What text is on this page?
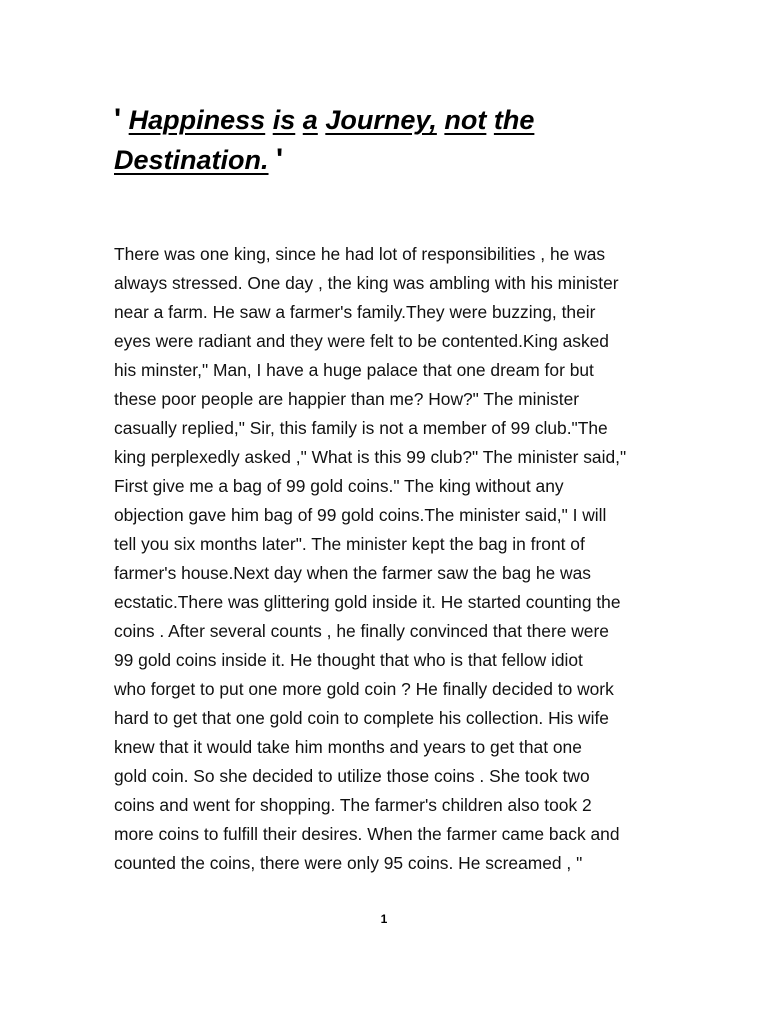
' Happiness is a Journey, not the
Destination. '

There was one king, since he had lot of responsibilities , he was
always stressed. One day , the king was ambling with his minister
near a farm. He saw a farmer's family.They were buzzing, their
eyes were radiant and they were felt to be contented.King asked
his minster," Man, I have a huge palace that one dream for but
these poor people are happier than me? How?" The minister
casually replied," Sir, this family is not a member of 99 club."The
king perplexedly asked ," What is this 99 club?" The minister said,"
First give me a bag of 99 gold coins." The king without any
objection gave him bag of 99 gold coins.The minister said," I will
tell you six months later". The minister kept the bag in front of
farmer's house.Next day when the farmer saw the bag he was
ecstatic.There was glittering gold inside it. He started counting the
coins . After several counts , he finally convinced that there were
99 gold coins inside it. He thought that who is that fellow idiot
who forget to put one more gold coin ? He finally decided to work
hard to get that one gold coin to complete his collection. His wife
knew that it would take him months and years to get that one
gold coin. So she decided to utilize those coins . She took two
coins and went for shopping. The farmer's children also took 2
more coins to fulfill their desires. When the farmer came back and
counted the coins, there were only 95 coins. He screamed , "

1
